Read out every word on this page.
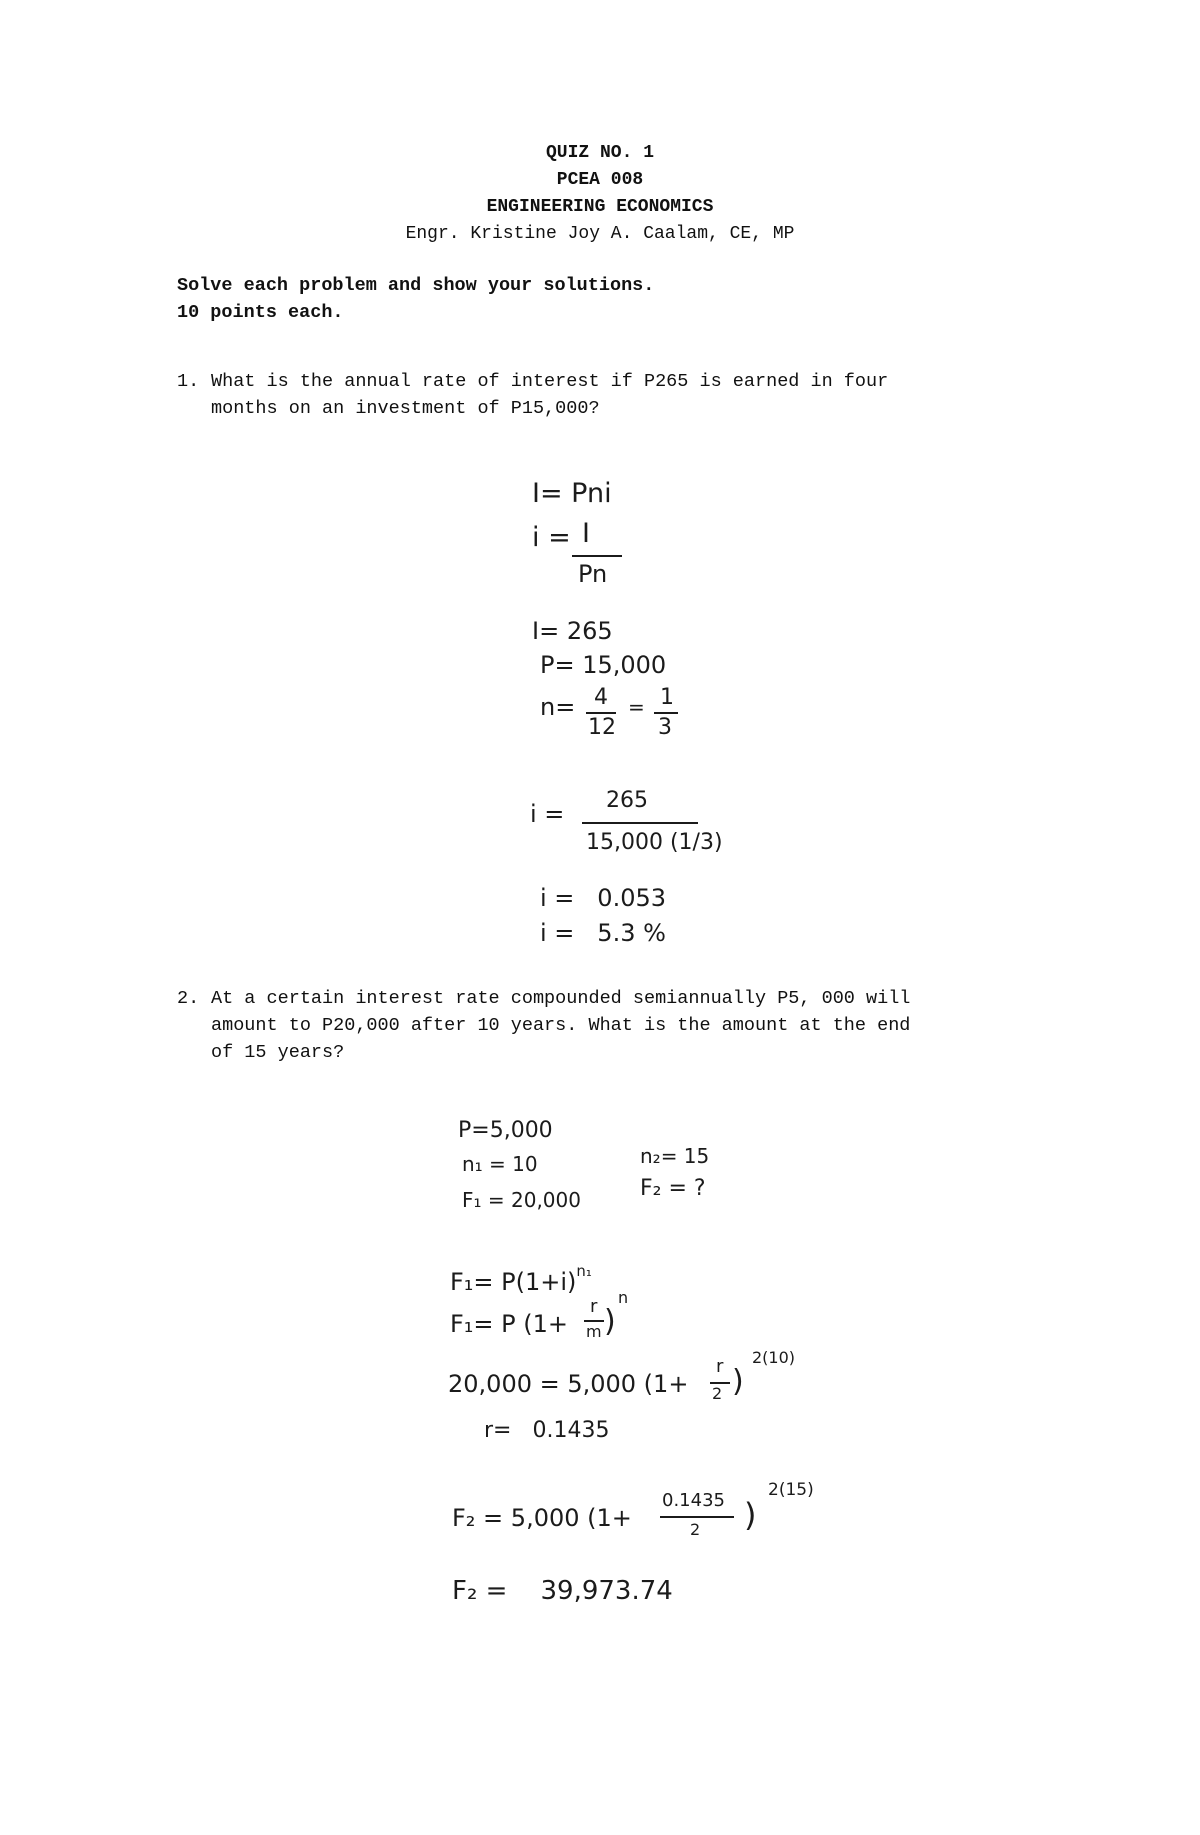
QUIZ NO. 1
PCEA 008
ENGINEERING ECONOMICS
Engr. Kristine Joy A. Caalam, CE, MP
Solve each problem and show your solutions.
10 points each.
1. What is the annual rate of interest if P265 is earned in four
months on an investment of P15,000?
I= Pni
i = I
Pn
I= 265
P= 15,000
n= 4
12
= 1
3
i = 265
15,000 (1/3)
i =   0.053
i =   5.3 %
2. At a certain interest rate compounded semiannually P5, 000 will
amount to P20,000 after 10 years. What is the amount at the end
of 15 years?
P=5,000
n₁ = 10
F₁ = 20,000
n₂= 15
F₂ = ?
$F_1= P(1+i)^{n_1}$
F₁= P (1+
r
m )
n
20,000 = 5,000 (1+
r
2 )
2(10)
r=   0.1435
F₂ = 5,000 (1+
0.1435
2 )
2(15)
F₂ =    39,973.74
